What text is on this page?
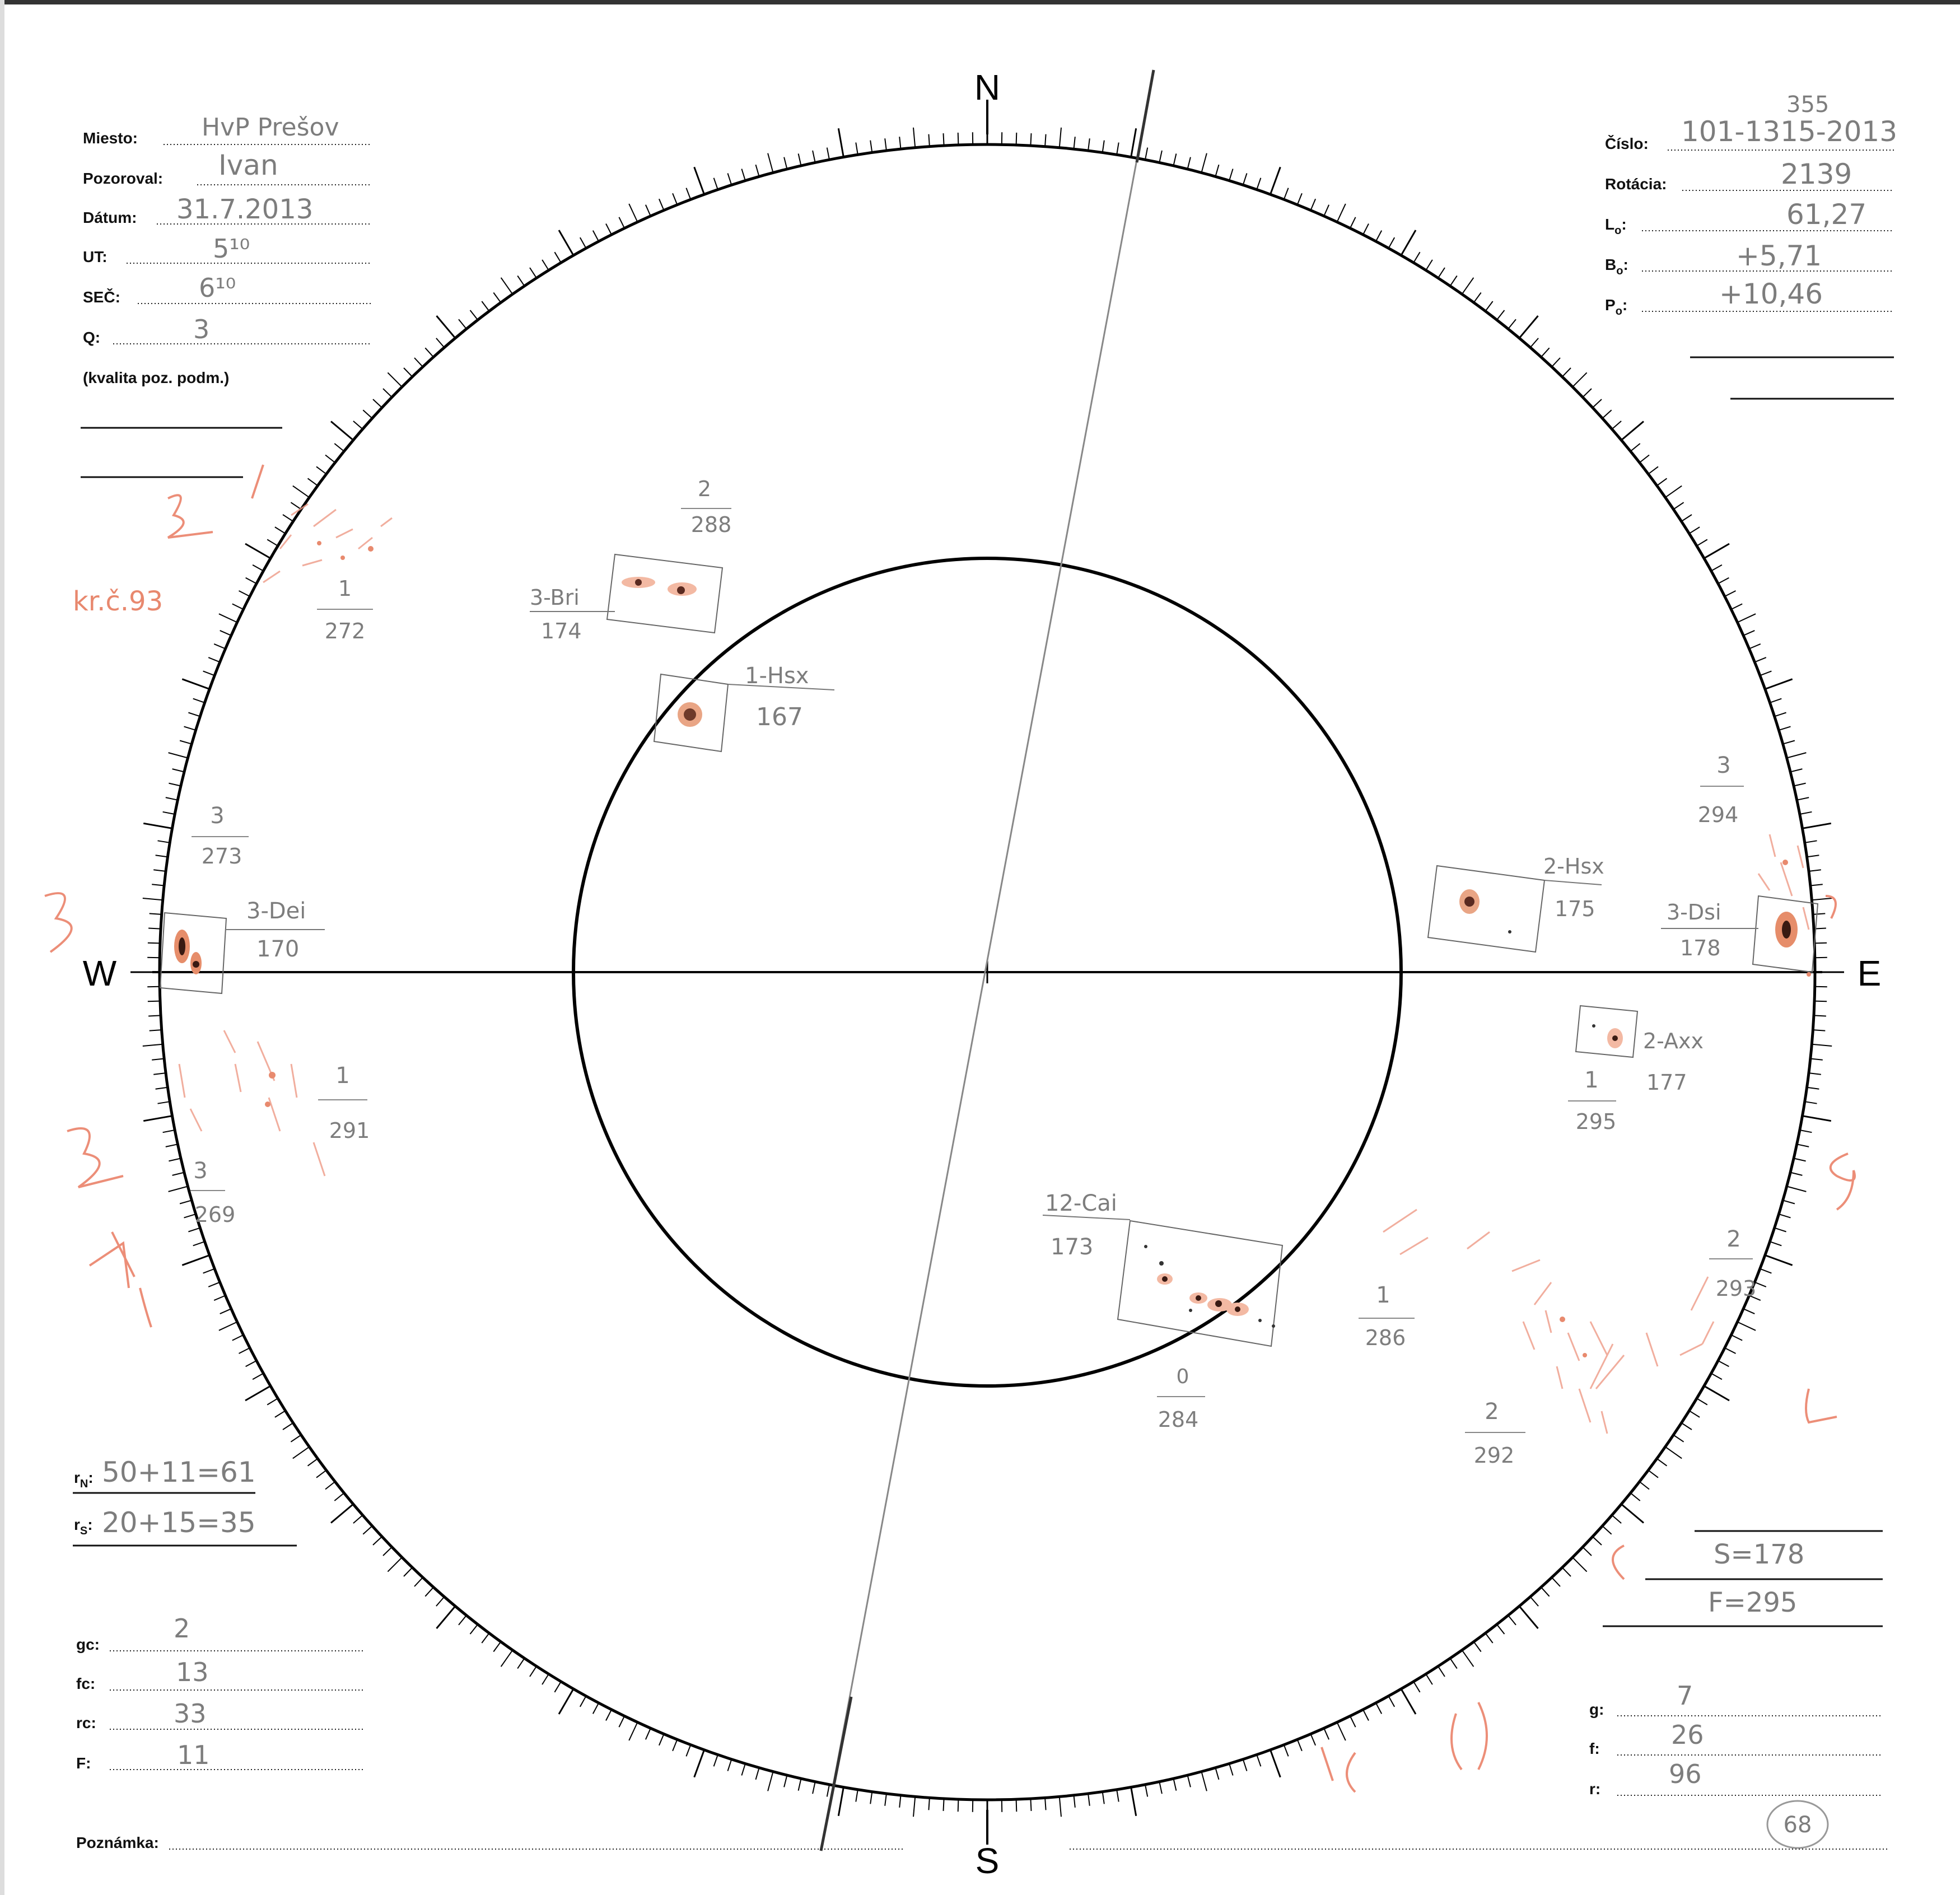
N
S
W	E
Miesto:	HvP Prešov
Pozoroval: Ivan
Dátum: 31.7.2013
UT:	5¹⁰
SEČ:	6¹⁰
Q:	3
(kvalita poz. podm.)
355
Číslo: 101-1315-2013
Rotácia:	2139
$L_o$:	61,27
$B_o$:	+5,71
$P_o$:	+10,46
1-Hsx
167
3-Bri
174
2-Hsx
175
3-Dei
170
3-Dsi
178
2-Axx
177
12-Cai
173
2
288
1
272
3
273
1
291
3
269
3
294
1
295
2
293
1
286
2
292
0
284
kr.č.93
$r_N$: 50+11=61
$r_S$: 20+15=35
gc:
2
fc:	13
rc:	33
F:	11
S=178
F=295
g:	7
f:	26
r:	96
68
Poznámka:
